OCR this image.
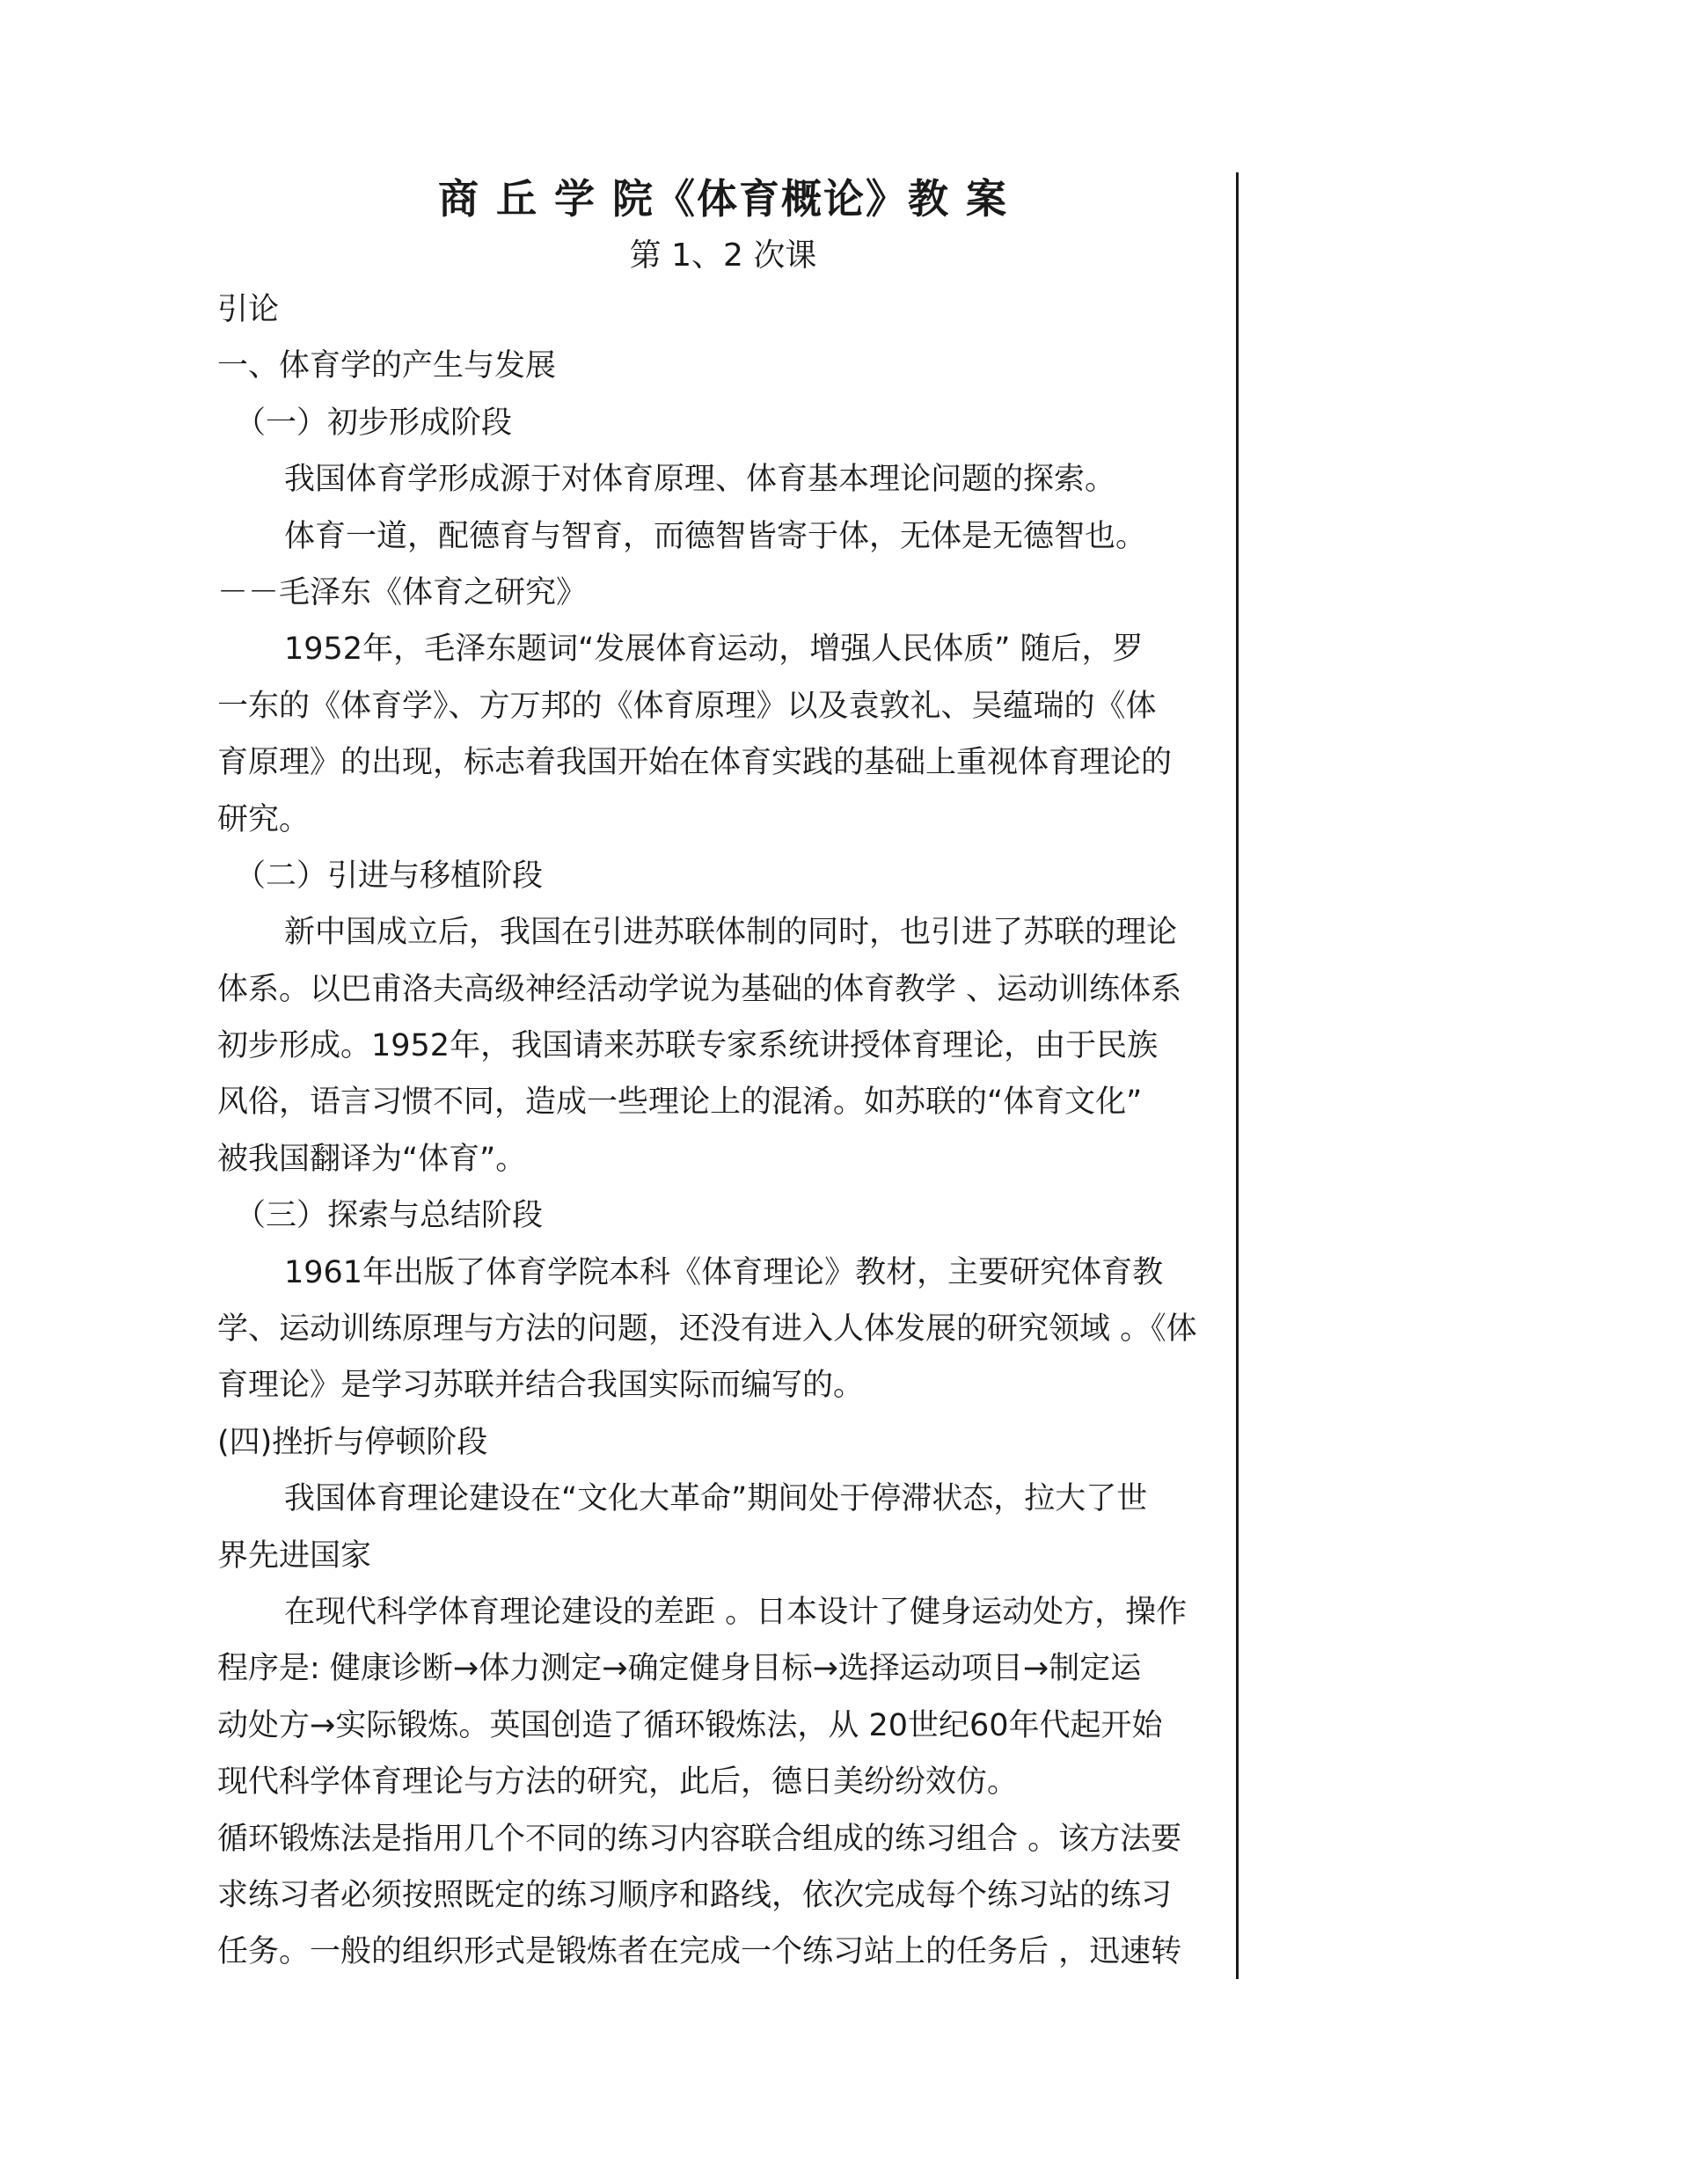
商 丘 学 院《体育概论》教 案
第 1、2 次课
引论
一、体育学的产生与发展
（一）初步形成阶段
我国体育学形成源于对体育原理、体育基本理论问题的探索。
体育一道，配德育与智育，而德智皆寄于体，无体是无德智也。
－－毛泽东《体育之研究》
1952年，毛泽东题词“发展体育运动，增强人民体质” 随后，罗
一东的《体育学》、方万邦的《体育原理》以及袁敦礼、吴蕴瑞的《体
育原理》的出现，标志着我国开始在体育实践的基础上重视体育理论的
研究。
（二）引进与移植阶段
新中国成立后，我国在引进苏联体制的同时，也引进了苏联的理论
体系。以巴甫洛夫高级神经活动学说为基础的体育教学 、运动训练体系
初步形成。1952年，我国请来苏联专家系统讲授体育理论，由于民族
风俗，语言习惯不同，造成一些理论上的混淆。如苏联的“体育文化”
被我国翻译为“体育”。
（三）探索与总结阶段
1961年出版了体育学院本科《体育理论》教材，主要研究体育教
学、运动训练原理与方法的问题，还没有进入人体发展的研究领域 。《体
育理论》是学习苏联并结合我国实际而编写的。
(四)挫折与停顿阶段
我国体育理论建设在“文化大革命”期间处于停滞状态，拉大了世
界先进国家
在现代科学体育理论建设的差距 。日本设计了健身运动处方，操作
程序是: 健康诊断→体力测定→确定健身目标→选择运动项目→制定运
动处方→实际锻炼。英国创造了循环锻炼法，从 20世纪60年代起开始
现代科学体育理论与方法的研究，此后，德日美纷纷效仿。
循环锻炼法是指用几个不同的练习内容联合组成的练习组合 。该方法要
求练习者必须按照既定的练习顺序和路线，依次完成每个练习站的练习
任务。一般的组织形式是锻炼者在完成一个练习站上的任务后 ，迅速转
